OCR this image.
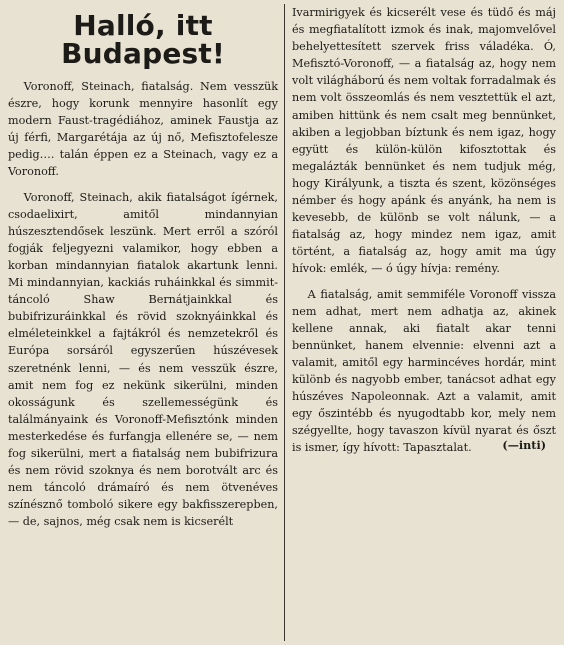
Halló, itt Budapest!

Voronoff, Steinach, fiatalság. Nem vesszük észre, hogy korunk mennyire hasonlít egy modern Faust-tragédiához, aminek Faustja az új férfi, Margarétája az új nő, Mefisztofelesze pedig…. talán éppen ez a Steinach, vagy ez a Voronoff.

Voronoff, Steinach, akik fiatalságot ígérnek, csodaelixirt, amitől mindannyian húszesztendősek leszünk. Mert erről a szóról fogják feljegyezni valamikor, hogy ebben a korban mindannyian fiatalok akartunk lenni. Mi mindannyian, kackiás ruháinkkal és simmit-táncoló Shaw Bernátjainkkal és bubifrizuráinkkal és rövid szoknyáinkkal és elméleteinkkel a fajtákról és nemzetekről és Európa sorsáról egyszerűen húszévesek szeretnénk lenni, — és nem vesszük észre, amit nem fog ez nekünk sikerülni, minden okosságunk és szellemességünk és találmányaink és Voronoff-Mefisztónk minden mesterkedése és furfangja ellenére se, — nem fog sikerülni, mert a fiatalság nem bubifrizura és nem rövid szoknya és nem borotvált arc és nem táncoló drámaíró és nem ötvenéves színésznő tomboló sikere egy bakfisszerepben, — de, sajnos, még csak nem is kicserélt

Ivarmirigyek és kicserélt vese és tüdő és máj és megfiatalított izmok és inak, majomvelővel behelyettesített szervek friss váladéka. Ó, Mefisztó-Voronoff, — a fiatalság az, hogy nem volt világháború és nem voltak forradalmak és nem volt összeomlás és nem vesztettük el azt, amiben hittünk és nem csalt meg bennünket, akiben a legjobban bíztunk és nem igaz, hogy együtt és külön-külön kifosztottak és megalázták bennünket és nem tudjuk még, hogy Királyunk, a tiszta és szent, közönséges némber és hogy apánk és anyánk, ha nem is kevesebb, de különb se volt nálunk, — a fiatalság az, hogy mindez nem igaz, amit történt, a fiatalság az, hogy amit ma úgy hívok: emlék, — ó úgy hívja: remény.

A fiatalság, amit semmiféle Voronoff vissza nem adhat, mert nem adhatja az, akinek kellene annak, aki fiatalt akar tenni bennünket, hanem elvennie: elvenni azt a valamit, amitől egy harmincéves hordár, mint különb és nagyobb ember, tanácsot adhat egy húszéves Napoleonnak. Azt a valamit, amit egy őszintébb és nyugodtabb kor, mely nem szégyellte, hogy tavaszon kívül nyarat és őszt is ismer, így hívott: Tapasztalat.	(—inti)
